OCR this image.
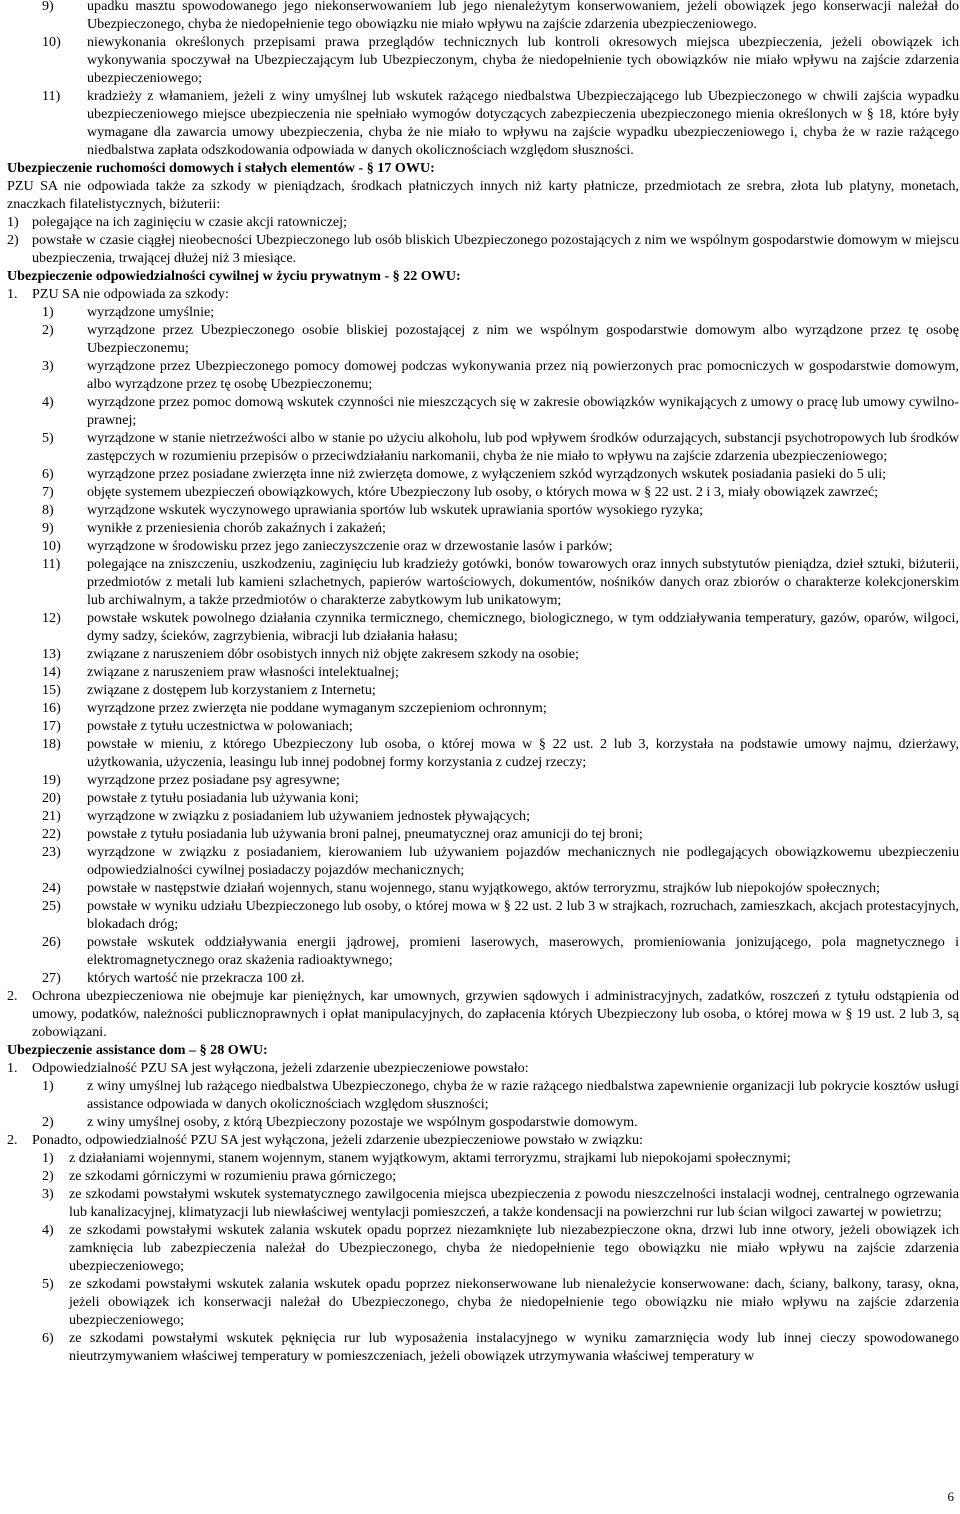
9) upadku masztu spowodowanego jego niekonserwowaniem lub jego nienależytym konserwowaniem, jeżeli obowiązek jego konserwacji należał do Ubezpieczonego, chyba że niedopełnienie tego obowiązku nie miało wpływu na zajście zdarzenia ubezpieczeniowego.
10) niewykonania określonych przepisami prawa przeglądów technicznych lub kontroli okresowych miejsca ubezpieczenia, jeżeli obowiązek ich wykonywania spoczywał na Ubezpieczającym lub Ubezpieczonym, chyba że niedopełnienie tych obowiązków nie miało wpływu na zajście zdarzenia ubezpieczeniowego;
11) kradzieży z włamaniem, jeżeli z winy umyślnej lub wskutek rażącego niedbalstwa Ubezpieczającego lub Ubezpieczonego w chwili zajścia wypadku ubezpieczeniowego miejsce ubezpieczenia nie spełniało wymogów dotyczących zabezpieczenia ubezpieczonego mienia określonych w § 18, które były wymagane dla zawarcia umowy ubezpieczenia, chyba że nie miało to wpływu na zajście wypadku ubezpieczeniowego i, chyba że w razie rażącego niedbalstwa zapłata odszkodowania odpowiada w danych okolicznościach względom słuszności.
Ubezpieczenie ruchomości domowych i stałych elementów - § 17 OWU:
PZU SA nie odpowiada także za szkody w pieniądzach, środkach płatniczych innych niż karty płatnicze, przedmiotach ze srebra, złota lub platyny, monetach, znaczkach filatelistycznych, biżuterii:
1) polegające na ich zaginięciu w czasie akcji ratowniczej;
2) powstałe w czasie ciągłej nieobecności Ubezpieczonego lub osób bliskich Ubezpieczonego pozostających z nim we wspólnym gospodarstwie domowym w miejscu ubezpieczenia, trwającej dłużej niż 3 miesiące.
Ubezpieczenie odpowiedzialności cywilnej w życiu prywatnym - § 22 OWU:
1. PZU SA nie odpowiada za szkody:
1) wyrządzone umyślnie;
2) wyrządzone przez Ubezpieczonego osobie bliskiej pozostającej z nim we wspólnym gospodarstwie domowym albo wyrządzone przez tę osobę Ubezpieczonemu;
3) wyrządzone przez Ubezpieczonego pomocy domowej podczas wykonywania przez nią powierzonych prac pomocniczych w gospodarstwie domowym, albo wyrządzone przez tę osobę Ubezpieczonemu;
4) wyrządzone przez pomoc domową wskutek czynności nie mieszczących się w zakresie obowiązków wynikających z umowy o pracę lub umowy cywilno-prawnej;
5) wyrządzone w stanie nietrzeźwości albo w stanie po użyciu alkoholu, lub pod wpływem środków odurzających, substancji psychotropowych lub środków zastępczych w rozumieniu przepisów o przeciwdziałaniu narkomanii, chyba że nie miało to wpływu na zajście zdarzenia ubezpieczeniowego;
6) wyrządzone przez posiadane zwierzęta inne niż zwierzęta domowe, z wyłączeniem szkód wyrządzonych wskutek posiadania pasieki do 5 uli;
7) objęte systemem ubezpieczeń obowiązkowych, które Ubezpieczony lub osoby, o których mowa w § 22 ust. 2 i 3, miały obowiązek zawrzeć;
8) wyrządzone wskutek wyczynowego uprawiania sportów lub wskutek uprawiania sportów wysokiego ryzyka;
9) wynikłe z przeniesienia chorób zakaźnych i zakażeń;
10) wyrządzone w środowisku przez jego zanieczyszczenie oraz w drzewostanie lasów i parków;
11) polegające na zniszczeniu, uszkodzeniu, zaginięciu lub kradzieży gotówki, bonów towarowych oraz innych substytutów pieniądza, dzieł sztuki, biżuterii, przedmiotów z metali lub kamieni szlachetnych, papierów wartościowych, dokumentów, nośników danych oraz zbiorów o charakterze kolekcjonerskim lub archiwalnym, a także przedmiotów o charakterze zabytkowym lub unikatowym;
12) powstałe wskutek powolnego działania czynnika termicznego, chemicznego, biologicznego, w tym oddziaływania temperatury, gazów, oparów, wilgoci, dymy sadzy, ścieków, zagrzybienia, wibracji lub działania hałasu;
13) związane z naruszeniem dóbr osobistych innych niż objęte zakresem szkody na osobie;
14) związane z naruszeniem praw własności intelektualnej;
15) związane z dostępem lub korzystaniem z Internetu;
16) wyrządzone przez zwierzęta nie poddane wymaganym szczepieniom ochronnym;
17) powstałe z tytułu uczestnictwa w polowaniach;
18) powstałe w mieniu, z którego Ubezpieczony lub osoba, o której mowa w § 22 ust. 2 lub 3, korzystała na podstawie umowy najmu, dzierżawy, użytkowania, użyczenia, leasingu lub innej podobnej formy korzystania z cudzej rzeczy;
19) wyrządzone przez posiadane psy agresywne;
20) powstałe z tytułu posiadania lub używania koni;
21) wyrządzone w związku z posiadaniem lub używaniem jednostek pływających;
22) powstałe z tytułu posiadania lub używania broni palnej, pneumatycznej oraz amunicji do tej broni;
23) wyrządzone w związku z posiadaniem, kierowaniem lub używaniem pojazdów mechanicznych nie podlegających obowiązkowemu ubezpieczeniu odpowiedzialności cywilnej posiadaczy pojazdów mechanicznych;
24) powstałe w następstwie działań wojennych, stanu wojennego, stanu wyjątkowego, aktów terroryzmu, strajków lub niepokojów społecznych;
25) powstałe w wyniku udziału Ubezpieczonego lub osoby, o której mowa w § 22 ust. 2 lub 3 w strajkach, rozruchach, zamieszkach, akcjach protestacyjnych, blokadach dróg;
26) powstałe wskutek oddziaływania energii jądrowej, promieni laserowych, maserowych, promieniowania jonizującego, pola magnetycznego i elektromagnetycznego oraz skażenia radioaktywnego;
27) których wartość nie przekracza 100 zł.
2. Ochrona ubezpieczeniowa nie obejmuje kar pieniężnych, kar umownych, grzywien sądowych i administracyjnych, zadatków, roszczeń z tytułu odstąpienia od umowy, podatków, należności publicznoprawnych i opłat manipulacyjnych, do zapłacenia których Ubezpieczony lub osoba, o której mowa w § 19 ust. 2 lub 3, są zobowiązani.
Ubezpieczenie assistance dom – § 28 OWU:
1. Odpowiedzialność PZU SA jest wyłączona, jeżeli zdarzenie ubezpieczeniowe powstało:
1) z winy umyślnej lub rażącego niedbalstwa Ubezpieczonego, chyba że w razie rażącego niedbalstwa zapewnienie organizacji lub pokrycie kosztów usługi assistance odpowiada w danych okolicznościach względom słuszności;
2) z winy umyślnej osoby, z którą Ubezpieczony pozostaje we wspólnym gospodarstwie domowym.
2. Ponadto, odpowiedzialność PZU SA jest wyłączona, jeżeli zdarzenie ubezpieczeniowe powstało w związku:
1) z działaniami wojennymi, stanem wojennym, stanem wyjątkowym, aktami terroryzmu, strajkami lub niepokojami społecznymi;
2) ze szkodami górniczymi w rozumieniu prawa górniczego;
3) ze szkodami powstałymi wskutek systematycznego zawilgocenia miejsca ubezpieczenia z powodu nieszczelności instalacji wodnej, centralnego ogrzewania lub kanalizacyjnej, klimatyzacji lub niewłaściwej wentylacji pomieszczeń, a także kondensacji na powierzchni rur lub ścian wilgoci zawartej w powietrzu;
4) ze szkodami powstałymi wskutek zalania wskutek opadu poprzez niezamknięte lub niezabezpieczone okna, drzwi lub inne otwory, jeżeli obowiązek ich zamknięcia lub zabezpieczenia należał do Ubezpieczonego, chyba że niedopełnienie tego obowiązku nie miało wpływu na zajście zdarzenia ubezpieczeniowego;
5) ze szkodami powstałymi wskutek zalania wskutek opadu poprzez niekonserwowane lub nienależycie konserwowane: dach, ściany, balkony, tarasy, okna, jeżeli obowiązek ich konserwacji należał do Ubezpieczonego, chyba że niedopełnienie tego obowiązku nie miało wpływu na zajście zdarzenia ubezpieczeniowego;
6) ze szkodami powstałymi wskutek pęknięcia rur lub wyposażenia instalacyjnego w wyniku zamarznięcia wody lub innej cieczy spowodowanego nieutrzymywaniem właściwej temperatury w pomieszczeniach, jeżeli obowiązek utrzymywania właściwej temperatury w
6
